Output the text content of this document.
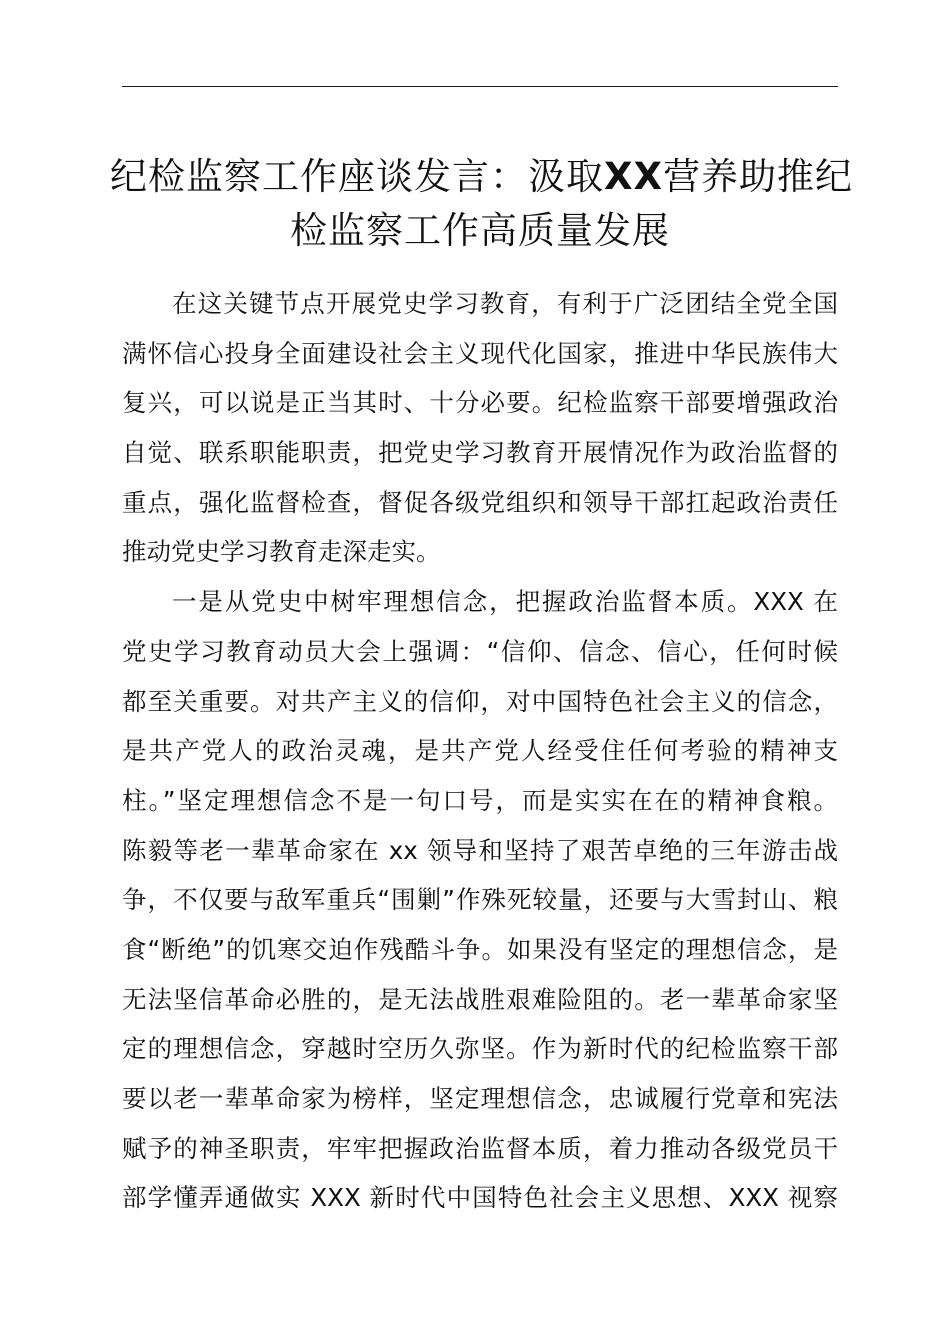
纪检监察工作座谈发言：汲取XX营养助推纪
检监察工作高质量发展
在这关键节点开展党史学习教育，有利于广泛团结全党全国
满怀信心投身全面建设社会主义现代化国家，推进中华民族伟大
复兴，可以说是正当其时、十分必要。纪检监察干部要增强政治
自觉、联系职能职责，把党史学习教育开展情况作为政治监督的
重点，强化监督检查，督促各级党组织和领导干部扛起政治责任
推动党史学习教育走深走实。
一是从党史中树牢理想信念，把握政治监督本质。XXX 在
党史学习教育动员大会上强调：“信仰、信念、信心，任何时候
都至关重要。对共产主义的信仰，对中国特色社会主义的信念，
是共产党人的政治灵魂，是共产党人经受住任何考验的精神支
柱。”坚定理想信念不是一句口号，而是实实在在的精神食粮。
陈毅等老一辈革命家在 xx 领导和坚持了艰苦卓绝的三年游击战
争，不仅要与敌军重兵“围剿”作殊死较量，还要与大雪封山、粮
食“断绝”的饥寒交迫作残酷斗争。如果没有坚定的理想信念，是
无法坚信革命必胜的，是无法战胜艰难险阻的。老一辈革命家坚
定的理想信念，穿越时空历久弥坚。作为新时代的纪检监察干部
要以老一辈革命家为榜样，坚定理想信念，忠诚履行党章和宪法
赋予的神圣职责，牢牢把握政治监督本质，着力推动各级党员干
部学懂弄通做实 XXX 新时代中国特色社会主义思想、XXX 视察
